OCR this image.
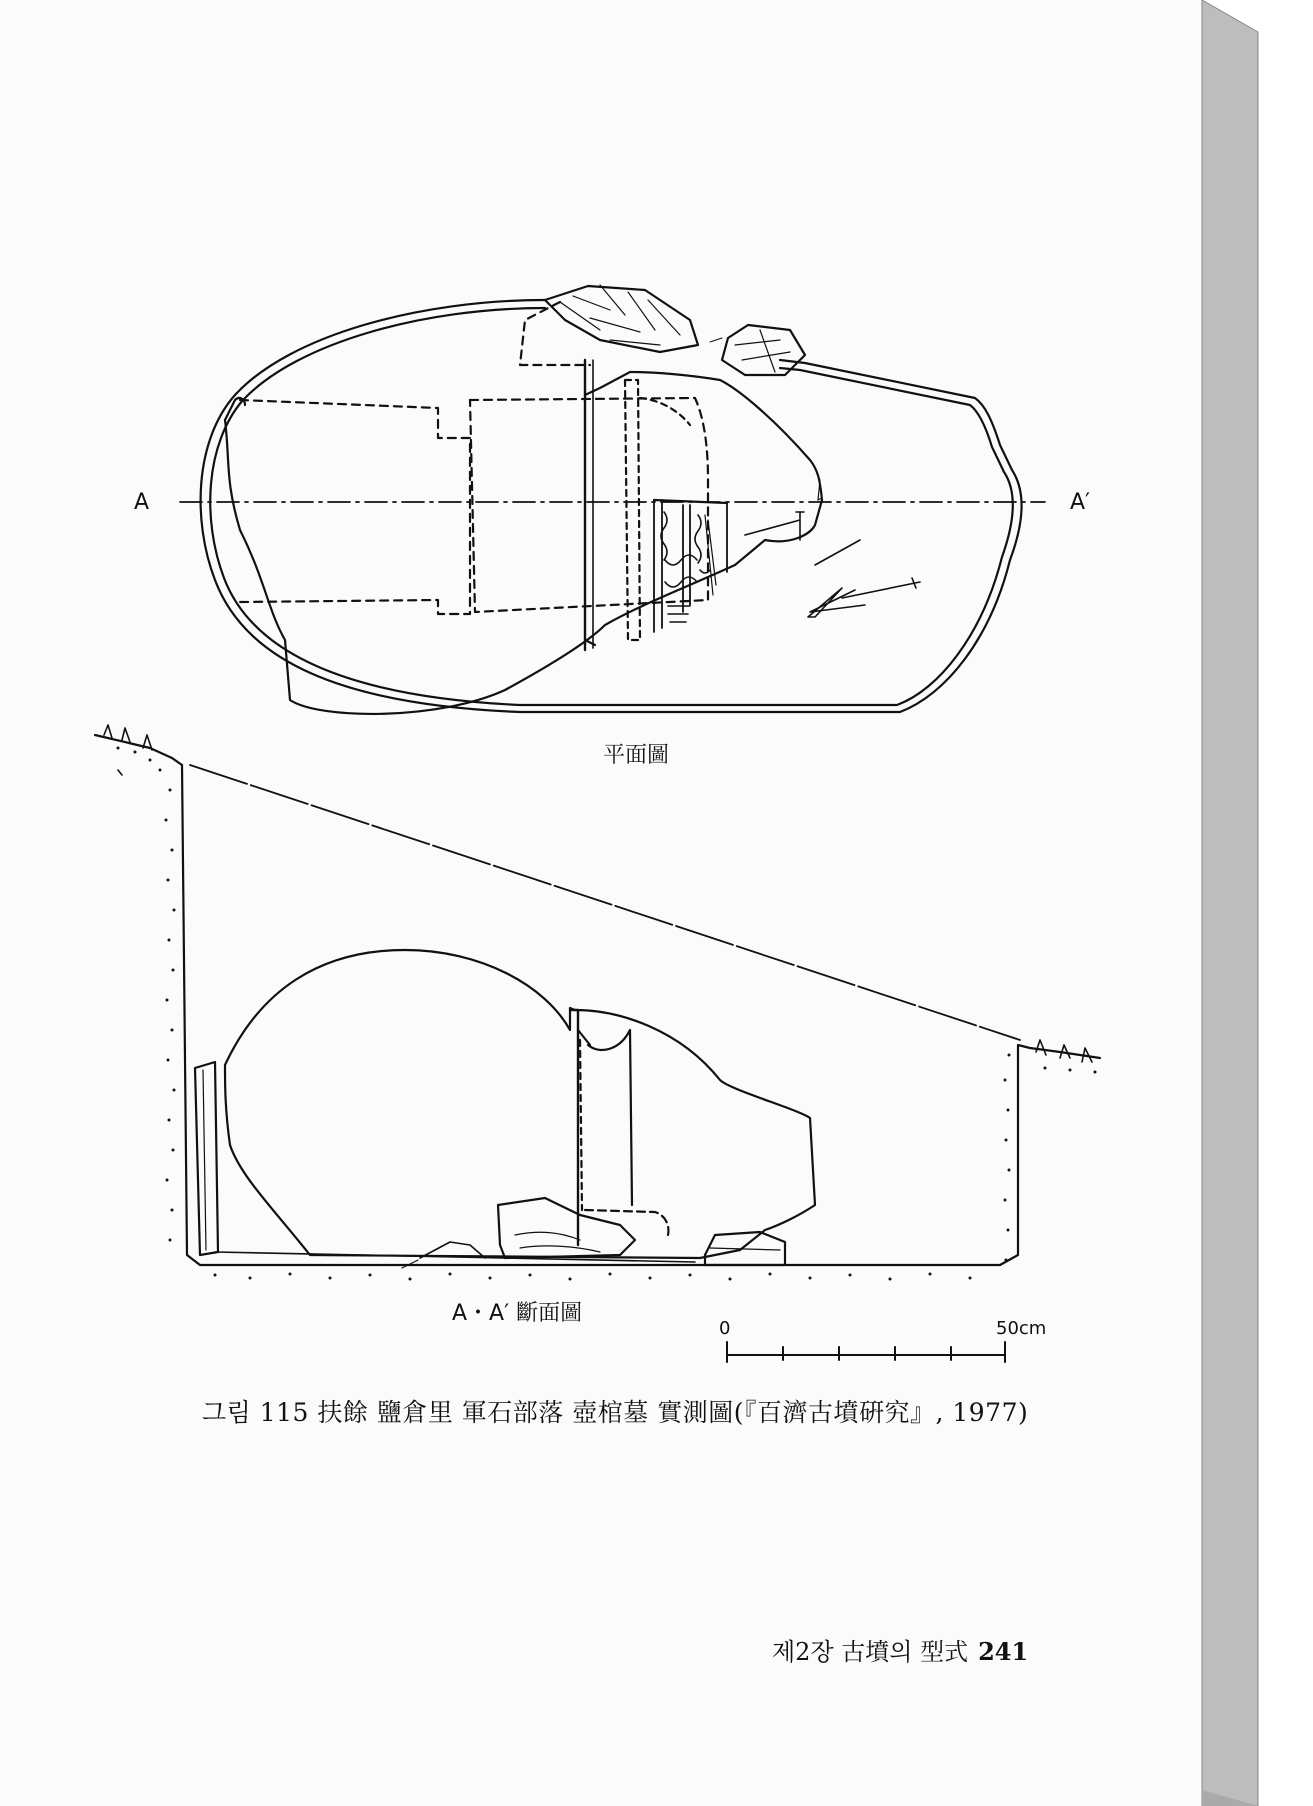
A	A′
平面圖
A・A′ 斷面圖
0	50cm
그림 115 扶餘 鹽倉里 軍石部落 壺棺墓 實測圖(『百濟古墳硏究』, 1977)
제2장 古墳의 型式 241
